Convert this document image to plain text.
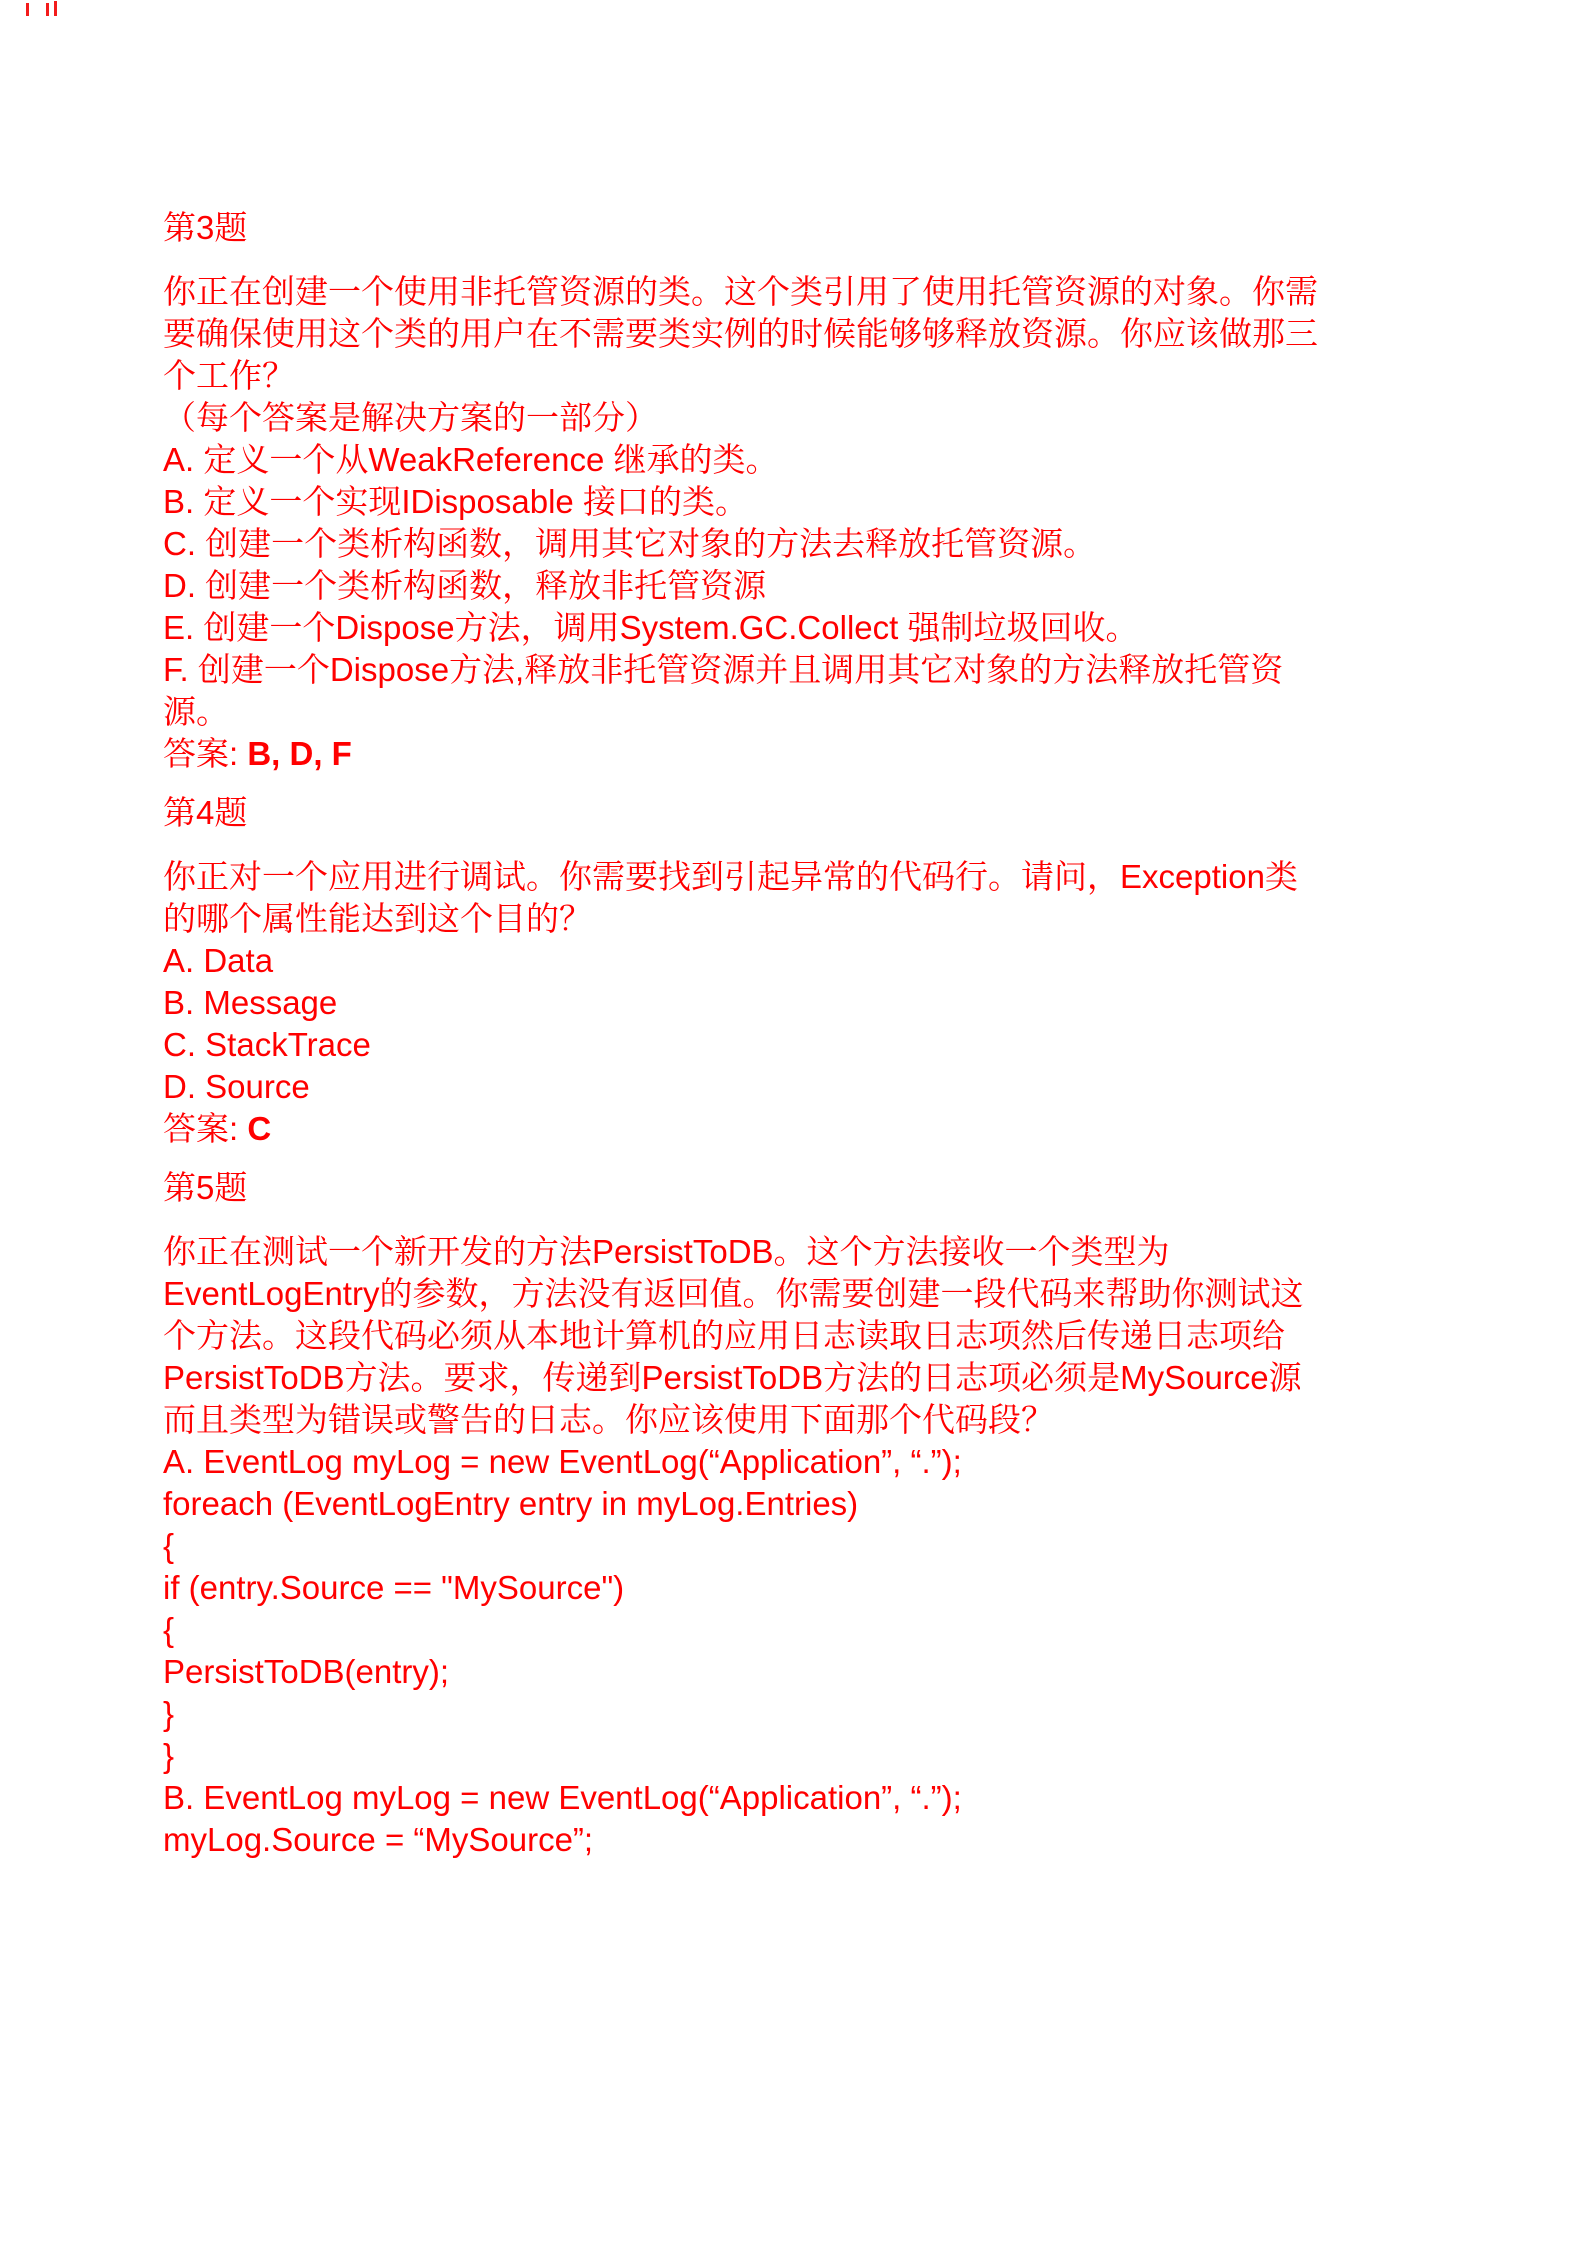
第3题
你正在创建一个使用非托管资源的类。这个类引用了使用托管资源的对象。你需
要确保使用这个类的用户在不需要类实例的时候能够够释放资源。你应该做那三
个工作？
（每个答案是解决方案的一部分）
A. 定义一个从WeakReference 继承的类。
B. 定义一个实现IDisposable 接口的类。
C. 创建一个类析构函数，调用其它对象的方法去释放托管资源。
D. 创建一个类析构函数，释放非托管资源
E. 创建一个Dispose方法，调用System.GC.Collect 强制垃圾回收。
F. 创建一个Dispose方法,释放非托管资源并且调用其它对象的方法释放托管资
源。
答案: B, D, F
第4题
你正对一个应用进行调试。你需要找到引起异常的代码行。请问，Exception类
的哪个属性能达到这个目的？
A. Data
B. Message
C. StackTrace
D. Source
答案: C
第5题
你正在测试一个新开发的方法PersistToDB。这个方法接收一个类型为
EventLogEntry的参数，方法没有返回值。你需要创建一段代码来帮助你测试这
个方法。这段代码必须从本地计算机的应用日志读取日志项然后传递日志项给
PersistToDB方法。要求，传递到PersistToDB方法的日志项必须是MySource源
而且类型为错误或警告的日志。你应该使用下面那个代码段？
A. EventLog myLog = new EventLog(“Application”, “.”);
foreach (EventLogEntry entry in myLog.Entries)
{
if (entry.Source == "MySource")
{
PersistToDB(entry);
}
}
B. EventLog myLog = new EventLog(“Application”, “.”);
myLog.Source = “MySource”;
